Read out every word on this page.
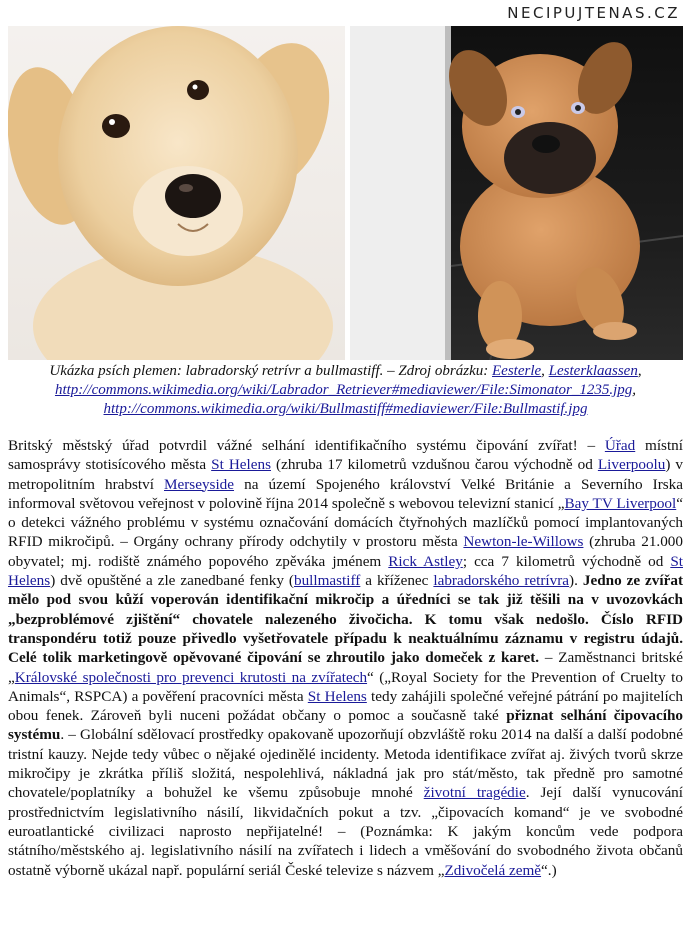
NECIPUJTENAS.CZ
Ukázka psích plemen: labradorský retrívr a bullmastiff. – Zdroj obrázku: Eesterle, Lesterklaassen,
http://commons.wikimedia.org/wiki/Labrador_Retriever#mediaviewer/File:Simonator_1235.jpg,
http://commons.wikimedia.org/wiki/Bullmastiff#mediaviewer/File:Bullmastif.jpg
Britský městský úřad potvrdil vážné selhání identifikačního systému čipování zvířat! – Úřad místní samosprávy stotisícového města St Helens (zhruba 17 kilometrů vzdušnou čarou východně od Liverpoolu) v metropolitním hrabství Merseyside na území Spojeného království Velké Británie a Severního Irska informoval světovou veřejnost v polovině října 2014 společně s webovou televizní stanicí „Bay TV Liverpool“ o detekci vážného problému v systému označování domácích čtyřnohých mazlíčků pomocí implantovaných RFID mikročipů. – Orgány ochrany přírody odchytily v prostoru města Newton-le-Willows (zhruba 21.000 obyvatel; mj. rodiště známého popového zpěváka jménem Rick Astley; cca 7 kilometrů východně od St Helens) dvě opuštěné a zle zanedbané fenky (bullmastiff a kříženec labradorského retrívra). Jedno ze zvířat mělo pod svou kůží voperován identifikační mikročip a úředníci se tak již těšili na v uvozovkách „bezproblémové zjištění“ chovatele nalezeného živočicha. K tomu však nedošlo. Číslo RFID transpondéru totiž pouze přivedlo vyšetřovatele případu k neaktuálnímu záznamu v registru údajů. Celé tolik marketingově opěvované čipování se zhroutilo jako domeček z karet. – Zaměstnanci britské „Královské společnosti pro prevenci krutosti na zvířatech“ („Royal Society for the Prevention of Cruelty to Animals“, RSPCA) a pověření pracovníci města St Helens tedy zahájili společné veřejné pátrání po majitelích obou fenek. Zároveň byli nuceni požádat občany o pomoc a současně také přiznat selhání čipovacího systému. – Globální sdělovací prostředky opakovaně upozorňují obzvláště roku 2014 na další a další podobné tristní kauzy. Nejde tedy vůbec o nějaké ojedinělé incidenty. Metoda identifikace zvířat aj. živých tvorů skrze mikročipy je zkrátka příliš složitá, nespolehlivá, nákladná jak pro stát/město, tak předně pro samotné chovatele/poplatníky a bohužel ke všemu způsobuje mnohé životní tragédie. Její další vynucování prostřednictvím legislativního násilí, likvidačních pokut a tzv. „čipovacích komand“ je ve svobodné euroatlantické civilizaci naprosto nepřijatelné! – (Poznámka: K jakým koncům vede podpora státního/městského aj. legislativního násilí na zvířatech i lidech a vměšování do svobodného života občanů ostatně výborně ukázal např. populární seriál České televize s názvem „Zdivočelá země“.)
